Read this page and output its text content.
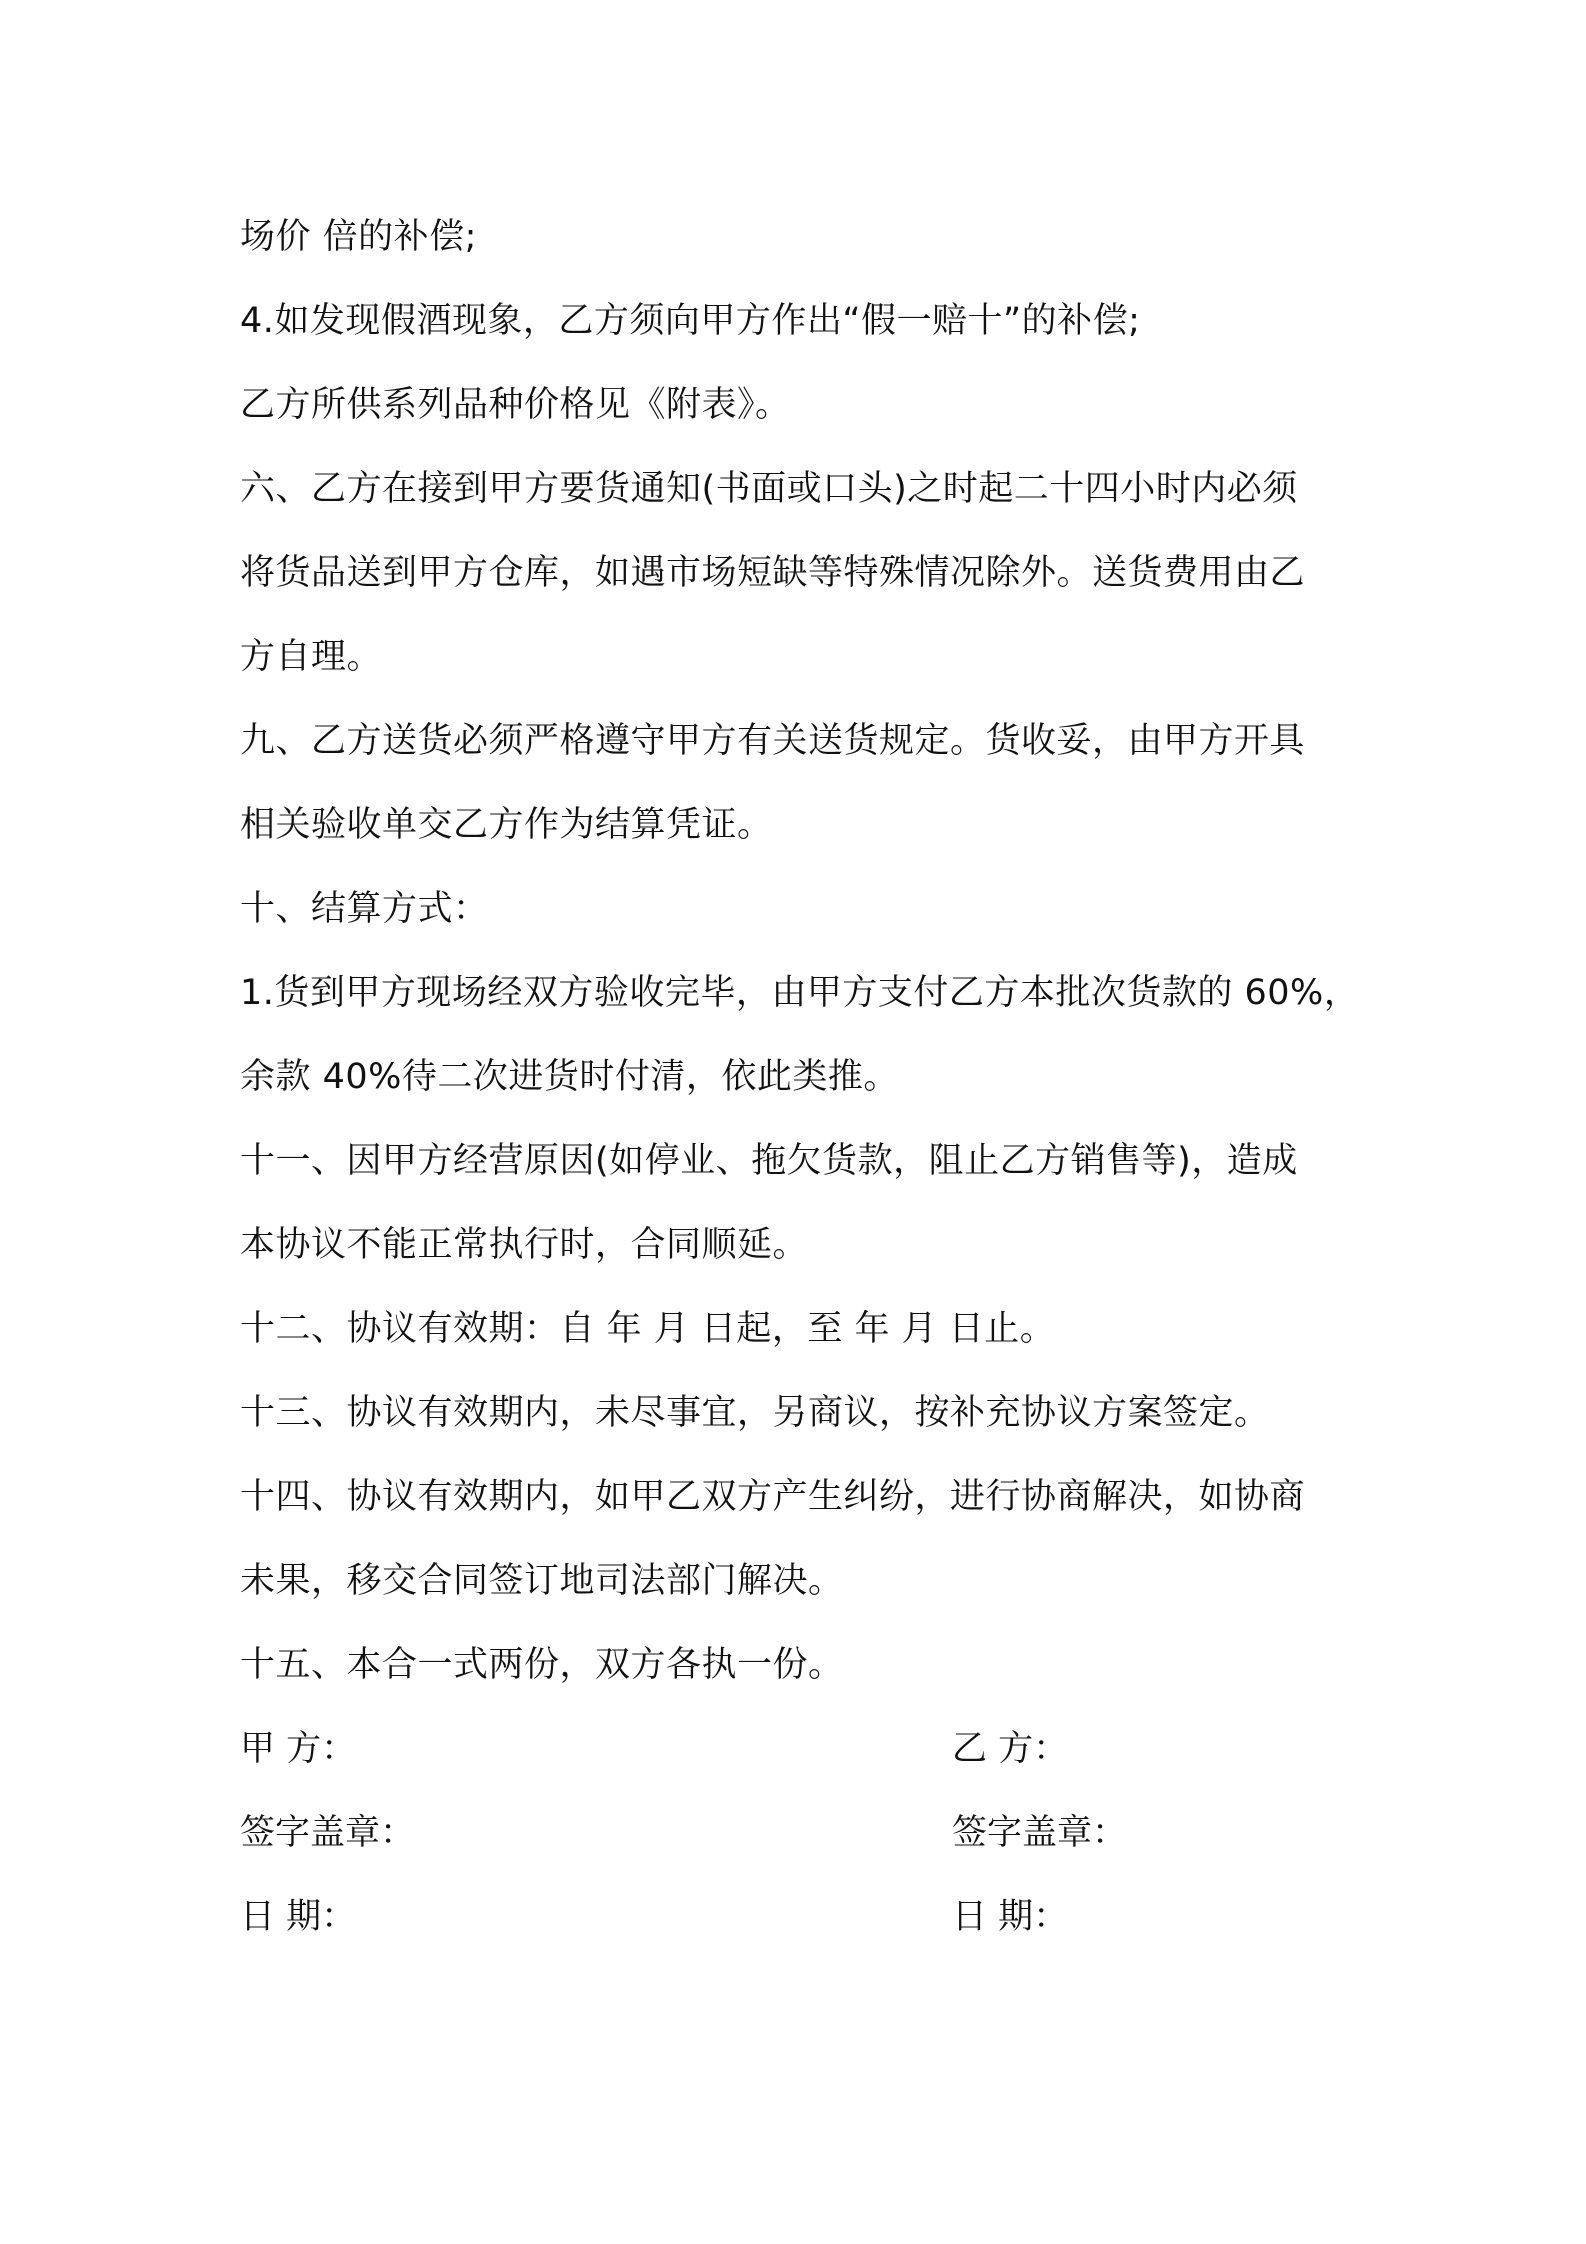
场价 倍的补偿;
4.如发现假酒现象，乙方须向甲方作出“假一赔十”的补偿;
乙方所供系列品种价格见《附表》。
六、乙方在接到甲方要货通知(书面或口头)之时起二十四小时内必须
将货品送到甲方仓库，如遇市场短缺等特殊情况除外。送货费用由乙
方自理。
九、乙方送货必须严格遵守甲方有关送货规定。货收妥，由甲方开具
相关验收单交乙方作为结算凭证。
十、结算方式：
1.货到甲方现场经双方验收完毕，由甲方支付乙方本批次货款的 60%，
余款 40%待二次进货时付清，依此类推。
十一、因甲方经营原因(如停业、拖欠货款，阻止乙方销售等)，造成
本协议不能正常执行时，合同顺延。
十二、协议有效期：自 年 月 日起，至 年 月 日止。
十三、协议有效期内，未尽事宜，另商议，按补充协议方案签定。
十四、协议有效期内，如甲乙双方产生纠纷，进行协商解决，如协商
未果，移交合同签订地司法部门解决。
十五、本合一式两份，双方各执一份。
甲 方：	乙 方：
签字盖章：	签字盖章：
日 期：	日 期：
